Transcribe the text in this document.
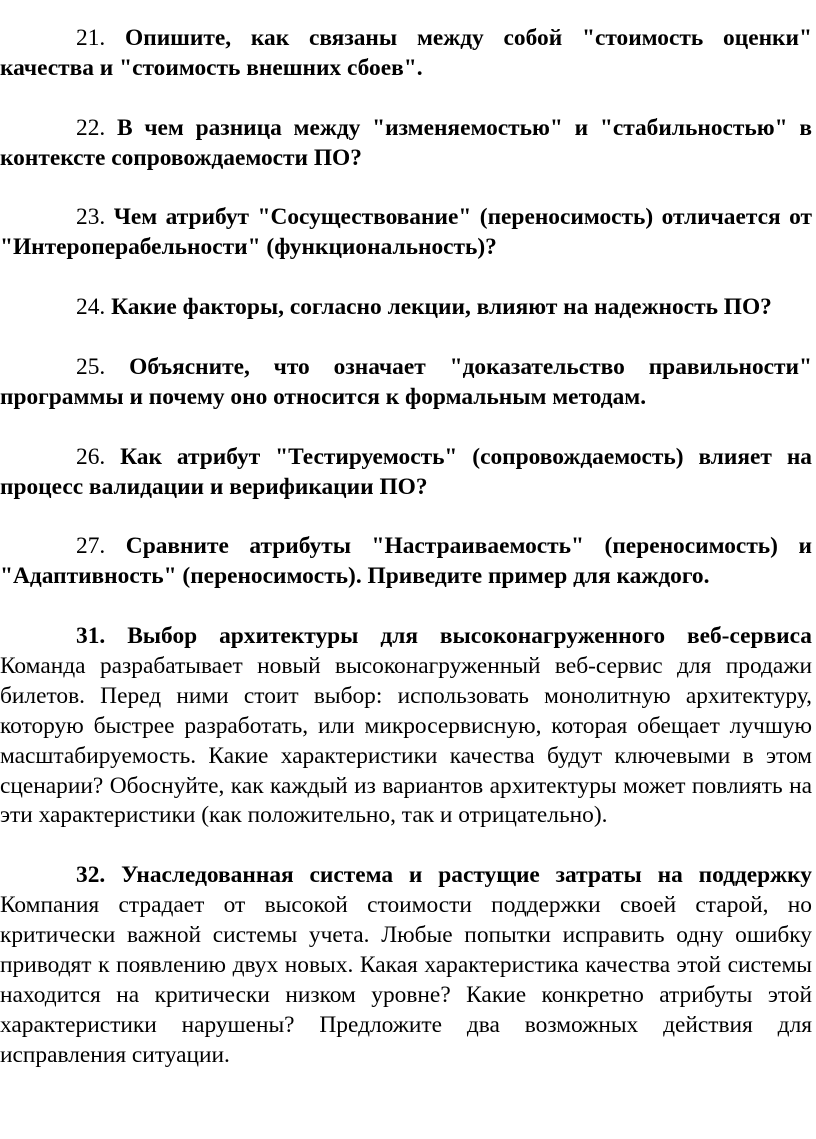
21. Опишите, как связаны между собой "стоимость оценки" качества и "стоимость внешних сбоев".

22. В чем разница между "изменяемостью" и "стабильностью" в контексте сопровождаемости ПО?

23. Чем атрибут "Сосуществование" (переносимость) отличается от "Интероперабельности" (функциональность)?

24. Какие факторы, согласно лекции, влияют на надежность ПО?

25. Объясните, что означает "доказательство правильности" программы и почему оно относится к формальным методам.

26. Как атрибут "Тестируемость" (сопровождаемость) влияет на процесс валидации и верификации ПО?

27. Сравните атрибуты "Настраиваемость" (переносимость) и "Адаптивность" (переносимость). Приведите пример для каждого.

31. Выбор архитектуры для высоконагруженного веб-сервиса Команда разрабатывает новый высоконагруженный веб-сервис для продажи билетов. Перед ними стоит выбор: использовать монолитную архитектуру, которую быстрее разработать, или микросервисную, которая обещает лучшую масштабируемость. Какие характеристики качества будут ключевыми в этом сценарии? Обоснуйте, как каждый из вариантов архитектуры может повлиять на эти характеристики (как положительно, так и отрицательно).

32. Унаследованная система и растущие затраты на поддержку Компания страдает от высокой стоимости поддержки своей старой, но критически важной системы учета. Любые попытки исправить одну ошибку приводят к появлению двух новых. Какая характеристика качества этой системы находится на критически низком уровне? Какие конкретно атрибуты этой характеристики нарушены? Предложите два возможных действия для исправления ситуации.
